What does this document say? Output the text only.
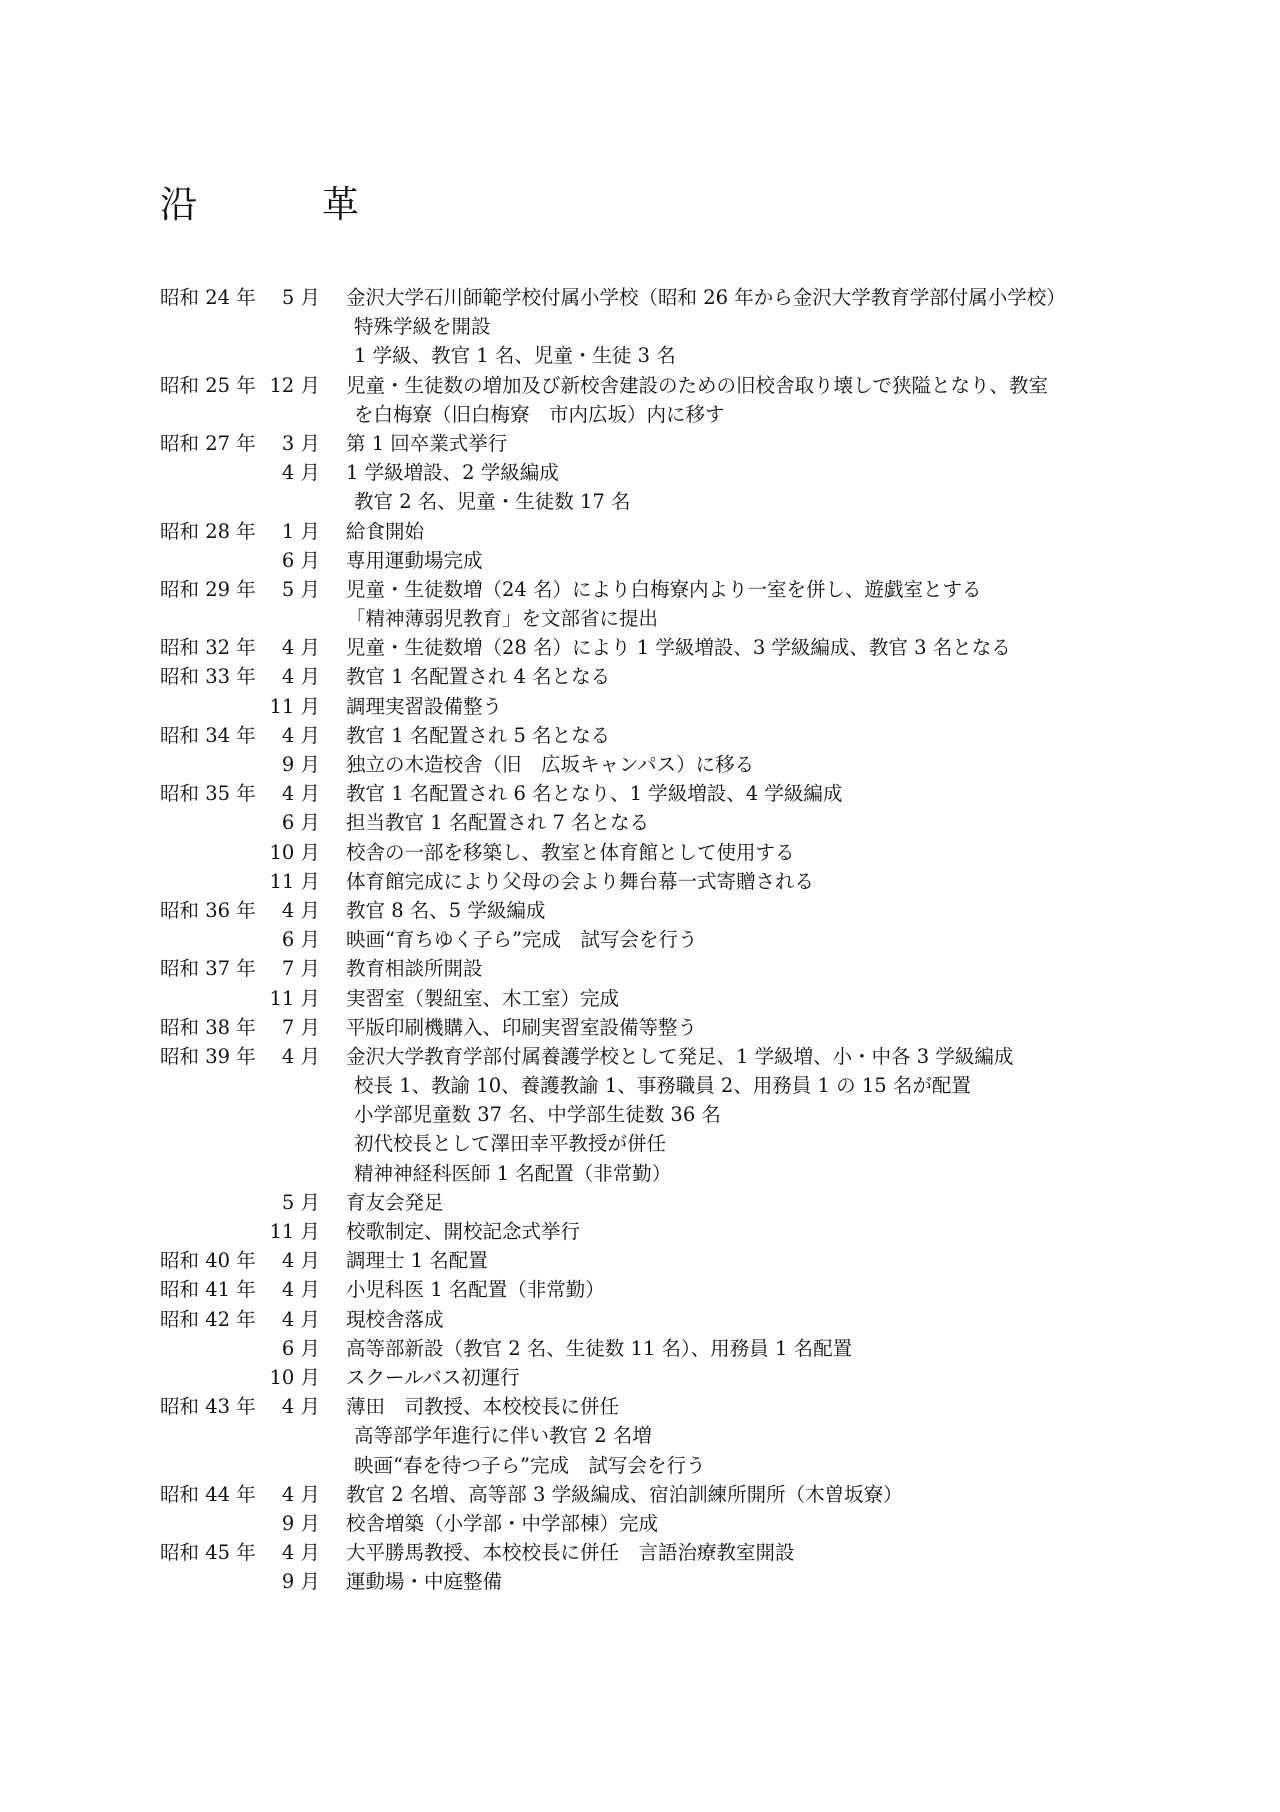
沿　革
昭和 24 年	5 月 金沢大学石川師範学校付属小学校（昭和 26 年から金沢大学教育学部付属小学校）
特殊学級を開設
1 学級、教官 1 名、児童・生徒 3 名
昭和 25 年 12 月 児童・生徒数の増加及び新校舎建設のための旧校舎取り壊しで狭隘となり、教室
を白梅寮（旧白梅寮　市内広坂）内に移す
昭和 27 年	3 月 第 1 回卒業式挙行
4 月 1 学級増設、2 学級編成
教官 2 名、児童・生徒数 17 名
昭和 28 年	1 月 給食開始
6 月 専用運動場完成
昭和 29 年	5 月 児童・生徒数増（24 名）により白梅寮内より一室を併し、遊戯室とする
「精神薄弱児教育」を文部省に提出
昭和 32 年	4 月 児童・生徒数増（28 名）により 1 学級増設、3 学級編成、教官 3 名となる
昭和 33 年	4 月 教官 1 名配置され 4 名となる
11 月 調理実習設備整う
昭和 34 年	4 月 教官 1 名配置され 5 名となる
9 月 独立の木造校舎（旧　広坂キャンパス）に移る
昭和 35 年	4 月 教官 1 名配置され 6 名となり、1 学級増設、4 学級編成
6 月 担当教官 1 名配置され 7 名となる
10 月 校舎の一部を移築し、教室と体育館として使用する
11 月 体育館完成により父母の会より舞台幕一式寄贈される
昭和 36 年	4 月 教官 8 名、5 学級編成
6 月 映画“育ちゆく子ら”完成　試写会を行う
昭和 37 年	7 月 教育相談所開設
11 月 実習室（製紐室、木工室）完成
昭和 38 年	7 月 平版印刷機購入、印刷実習室設備等整う
昭和 39 年	4 月 金沢大学教育学部付属養護学校として発足、1 学級増、小・中各 3 学級編成
校長 1、教諭 10、養護教諭 1、事務職員 2、用務員 1 の 15 名が配置
小学部児童数 37 名、中学部生徒数 36 名
初代校長として澤田幸平教授が併任
精神神経科医師 1 名配置（非常勤）
5 月 育友会発足
11 月 校歌制定、開校記念式挙行
昭和 40 年	4 月 調理士 1 名配置
昭和 41 年	4 月 小児科医 1 名配置（非常勤）
昭和 42 年	4 月 現校舎落成
6 月 高等部新設（教官 2 名、生徒数 11 名）、用務員 1 名配置
10 月 スクールバス初運行
昭和 43 年	4 月 薄田　司教授、本校校長に併任
高等部学年進行に伴い教官 2 名増
映画“春を待つ子ら”完成　試写会を行う
昭和 44 年	4 月 教官 2 名増、高等部 3 学級編成、宿泊訓練所開所（木曽坂寮）
9 月 校舎増築（小学部・中学部棟）完成
昭和 45 年	4 月 大平勝馬教授、本校校長に併任　言語治療教室開設
9 月 運動場・中庭整備
